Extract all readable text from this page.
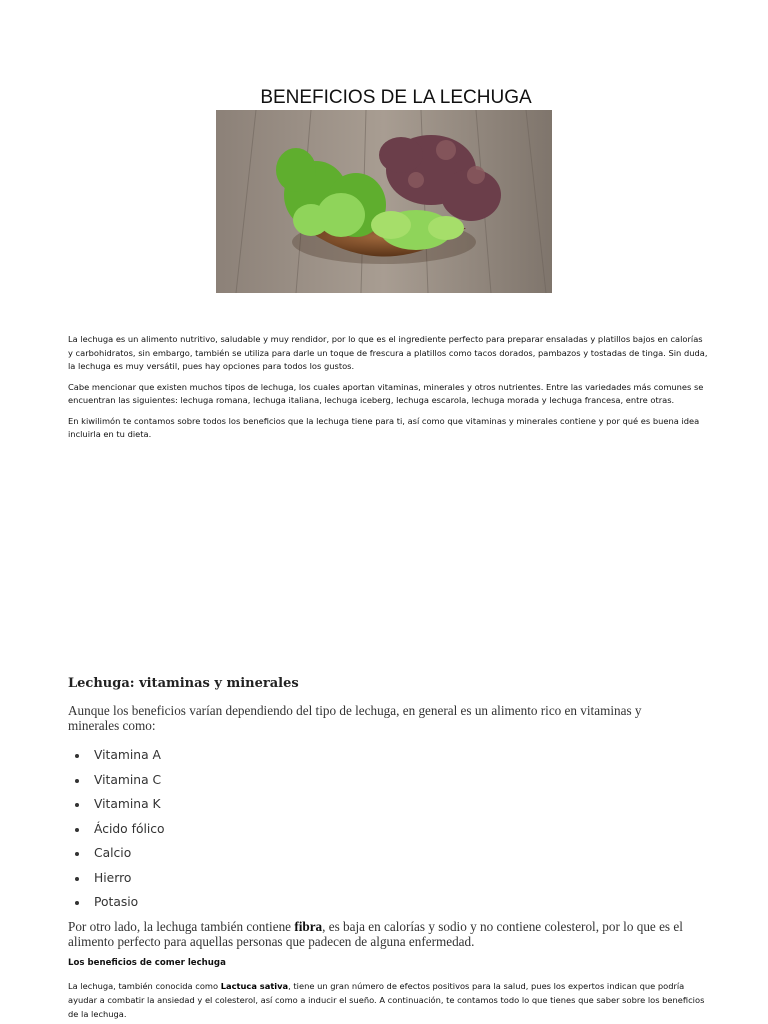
BENEFICIOS DE LA LECHUGA

La lechuga es un alimento nutritivo, saludable y muy rendidor, por lo que es el ingrediente perfecto para preparar ensaladas y platillos bajos en calorías y carbohidratos, sin embargo, también se utiliza para darle un toque de frescura a platillos como tacos dorados, pambazos y tostadas de tinga. Sin duda, la lechuga es muy versátil, pues hay opciones para todos los gustos.

Cabe mencionar que existen muchos tipos de lechuga, los cuales aportan vitaminas, minerales y otros nutrientes. Entre las variedades más comunes se encuentran las siguientes: lechuga romana, lechuga italiana, lechuga iceberg, lechuga escarola, lechuga morada y lechuga francesa, entre otras.

En kiwilimón te contamos sobre todos los beneficios que la lechuga tiene para ti, así como que vitaminas y minerales contiene y por qué es buena idea incluirla en tu dieta.

Lechuga: vitaminas y minerales

Aunque los beneficios varían dependiendo del tipo de lechuga, en general es un alimento rico en vitaminas y minerales como:

Vitamina A
Vitamina C
Vitamina K
Ácido fólico
Calcio
Hierro
Potasio

Por otro lado, la lechuga también contiene fibra, es baja en calorías y sodio y no contiene colesterol, por lo que es el alimento perfecto para aquellas personas que padecen de alguna enfermedad.

Los beneficios de comer lechuga

La lechuga, también conocida como Lactuca sativa, tiene un gran número de efectos positivos para la salud, pues los expertos indican que podría ayudar a combatir la ansiedad y el colesterol, así como a inducir el sueño. A continuación, te contamos todo lo que tienes que saber sobre los beneficios de la lechuga.
